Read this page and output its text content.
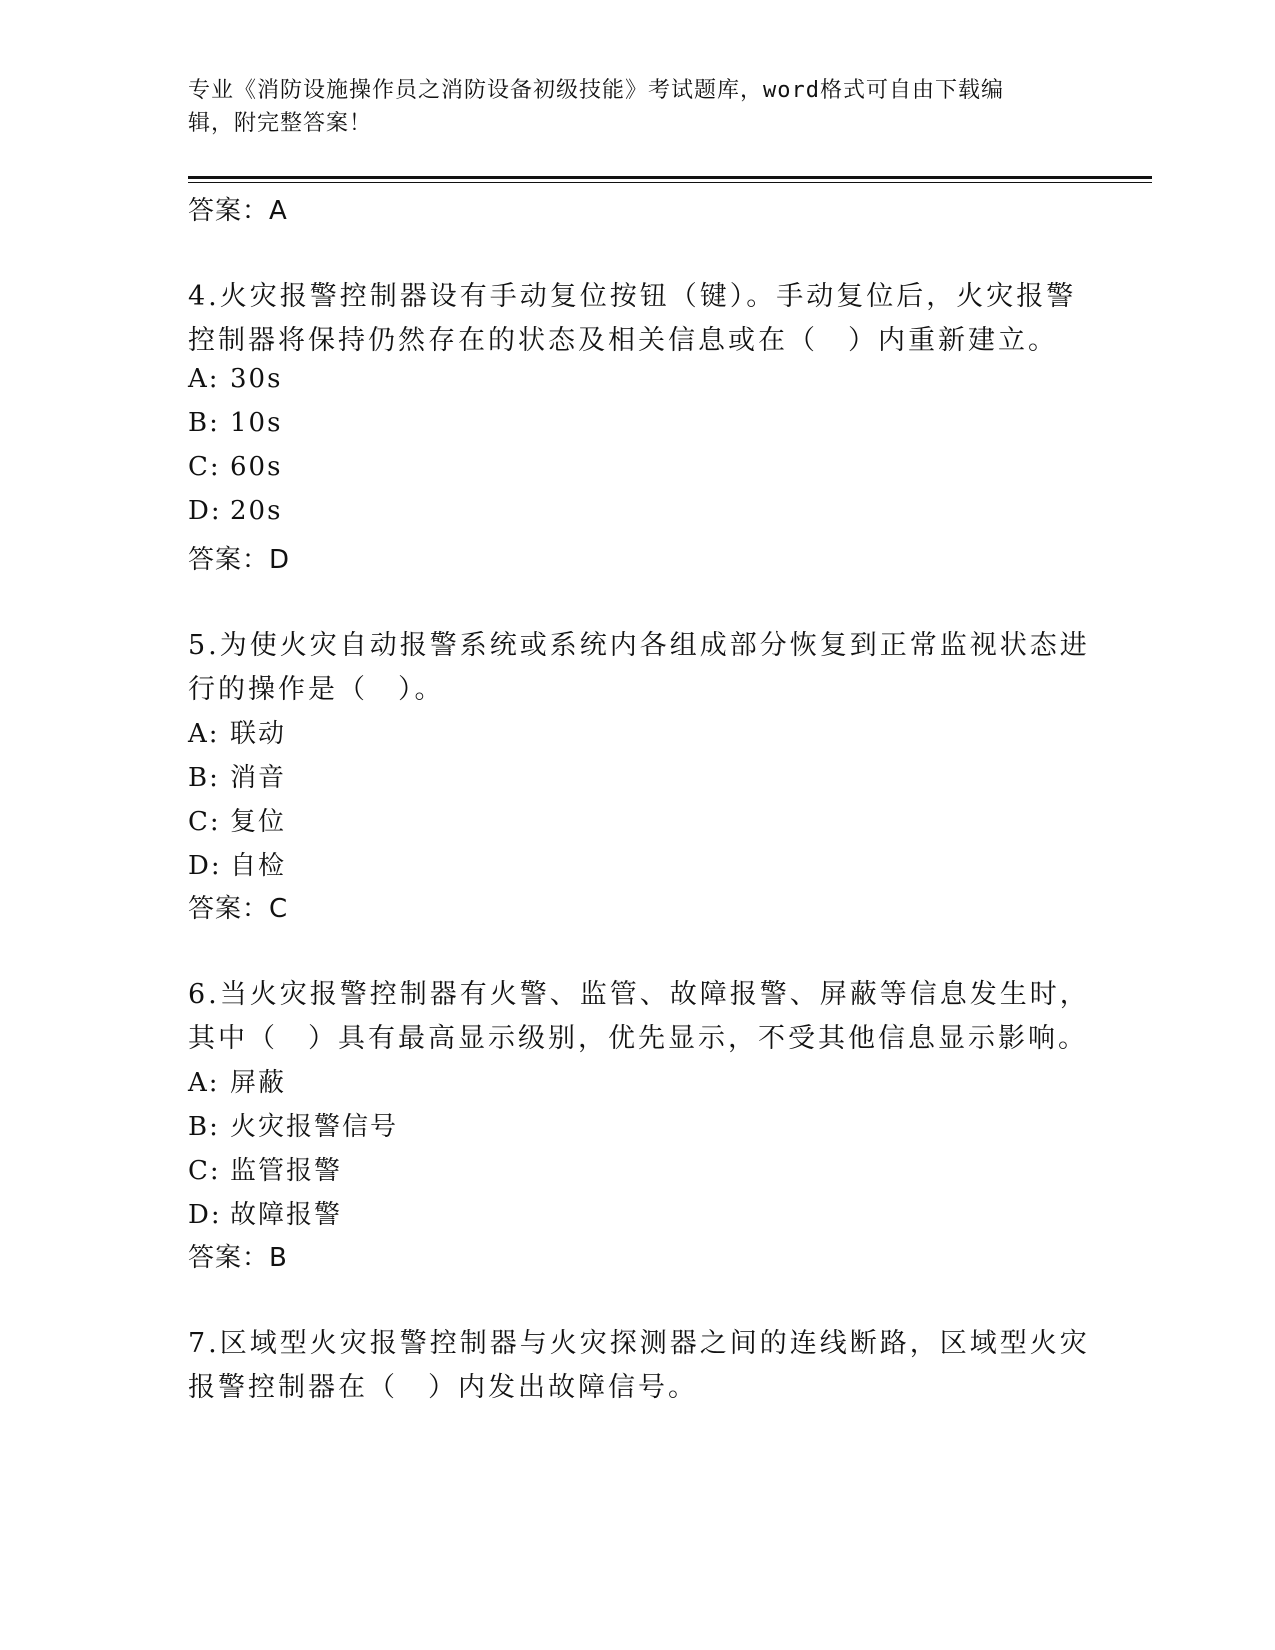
专业《消防设施操作员之消防设备初级技能》考试题库，word格式可自由下载编
辑，附完整答案！
答案：A
4.火灾报警控制器设有手动复位按钮（键）。手动复位后，火灾报警
控制器将保持仍然存在的状态及相关信息或在（　）内重新建立。
A: 30s
B: 10s
C: 60s
D: 20s
答案：D
5.为使火灾自动报警系统或系统内各组成部分恢复到正常监视状态进
行的操作是（　）。
A: 联动
B: 消音
C: 复位
D: 自检
答案：C
6.当火灾报警控制器有火警、监管、故障报警、屏蔽等信息发生时，
其中（　）具有最高显示级别，优先显示，不受其他信息显示影响。
A: 屏蔽
B: 火灾报警信号
C: 监管报警
D: 故障报警
答案：B
7.区域型火灾报警控制器与火灾探测器之间的连线断路，区域型火灾
报警控制器在（　）内发出故障信号。
